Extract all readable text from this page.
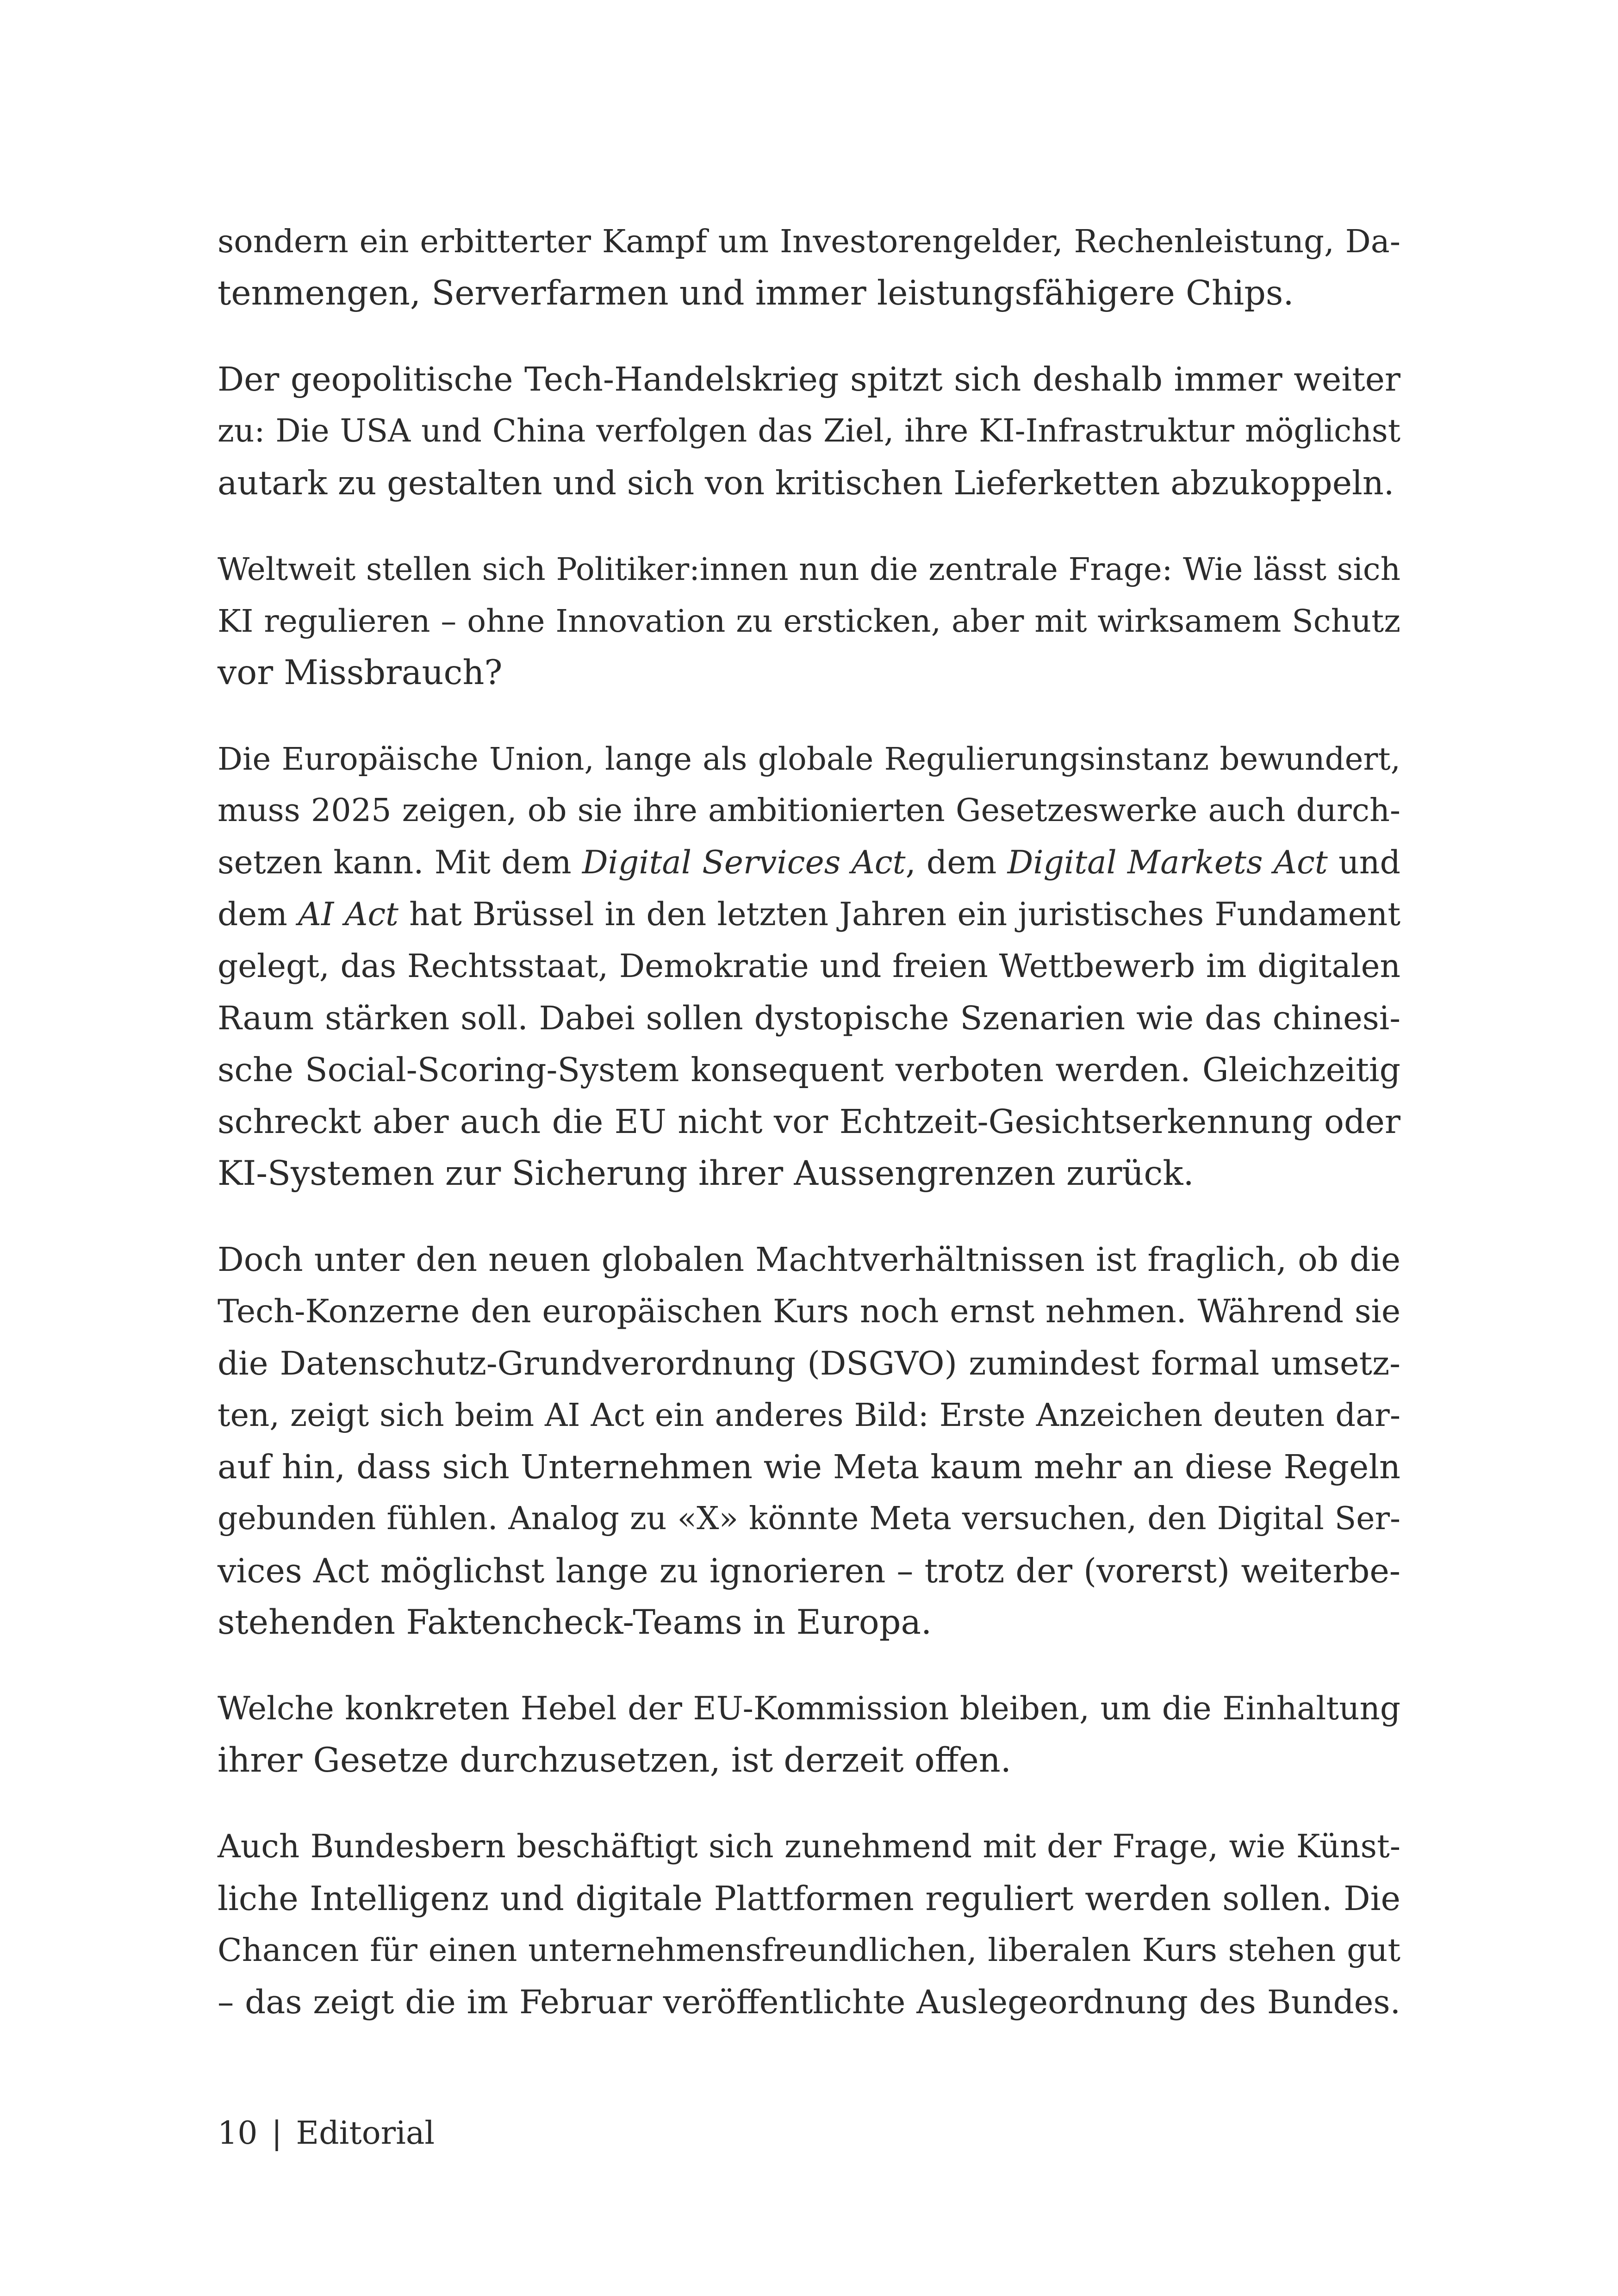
sondern ein erbitterter Kampf um Investorengelder, Rechenleistung, Da-
tenmengen, Serverfarmen und immer leistungsfähigere Chips.

Der geopolitische Tech-Handelskrieg spitzt sich deshalb immer weiter
zu: Die USA und China verfolgen das Ziel, ihre KI-Infrastruktur möglichst
autark zu gestalten und sich von kritischen Lieferketten abzukoppeln.

Weltweit stellen sich Politiker:innen nun die zentrale Frage: Wie lässt sich
KI regulieren – ohne Innovation zu ersticken, aber mit wirksamem Schutz
vor Missbrauch?

Die Europäische Union, lange als globale Regulierungsinstanz bewundert,
muss 2025 zeigen, ob sie ihre ambitionierten Gesetzeswerke auch durch-
setzen kann. Mit dem Digital Services Act, dem Digital Markets Act und
dem AI Act hat Brüssel in den letzten Jahren ein juristisches Fundament
gelegt, das Rechtsstaat, Demokratie und freien Wettbewerb im digitalen
Raum stärken soll. Dabei sollen dystopische Szenarien wie das chinesi-
sche Social-Scoring-System konsequent verboten werden. Gleichzeitig
schreckt aber auch die EU nicht vor Echtzeit-Gesichtserkennung oder
KI-Systemen zur Sicherung ihrer Aussengrenzen zurück.

Doch unter den neuen globalen Machtverhältnissen ist fraglich, ob die
Tech-Konzerne den europäischen Kurs noch ernst nehmen. Während sie
die Datenschutz-Grundverordnung (DSGVO) zumindest formal umsetz-
ten, zeigt sich beim AI Act ein anderes Bild: Erste Anzeichen deuten dar-
auf hin, dass sich Unternehmen wie Meta kaum mehr an diese Regeln
gebunden fühlen. Analog zu «X» könnte Meta versuchen, den Digital Ser-
vices Act möglichst lange zu ignorieren – trotz der (vorerst) weiterbe-
stehenden Faktencheck-Teams in Europa.

Welche konkreten Hebel der EU-Kommission bleiben, um die Einhaltung
ihrer Gesetze durchzusetzen, ist derzeit offen.

Auch Bundesbern beschäftigt sich zunehmend mit der Frage, wie Künst-
liche Intelligenz und digitale Plattformen reguliert werden sollen. Die
Chancen für einen unternehmensfreundlichen, liberalen Kurs stehen gut
– das zeigt die im Februar veröffentlichte Auslegeordnung des Bundes.

10 | Editorial
